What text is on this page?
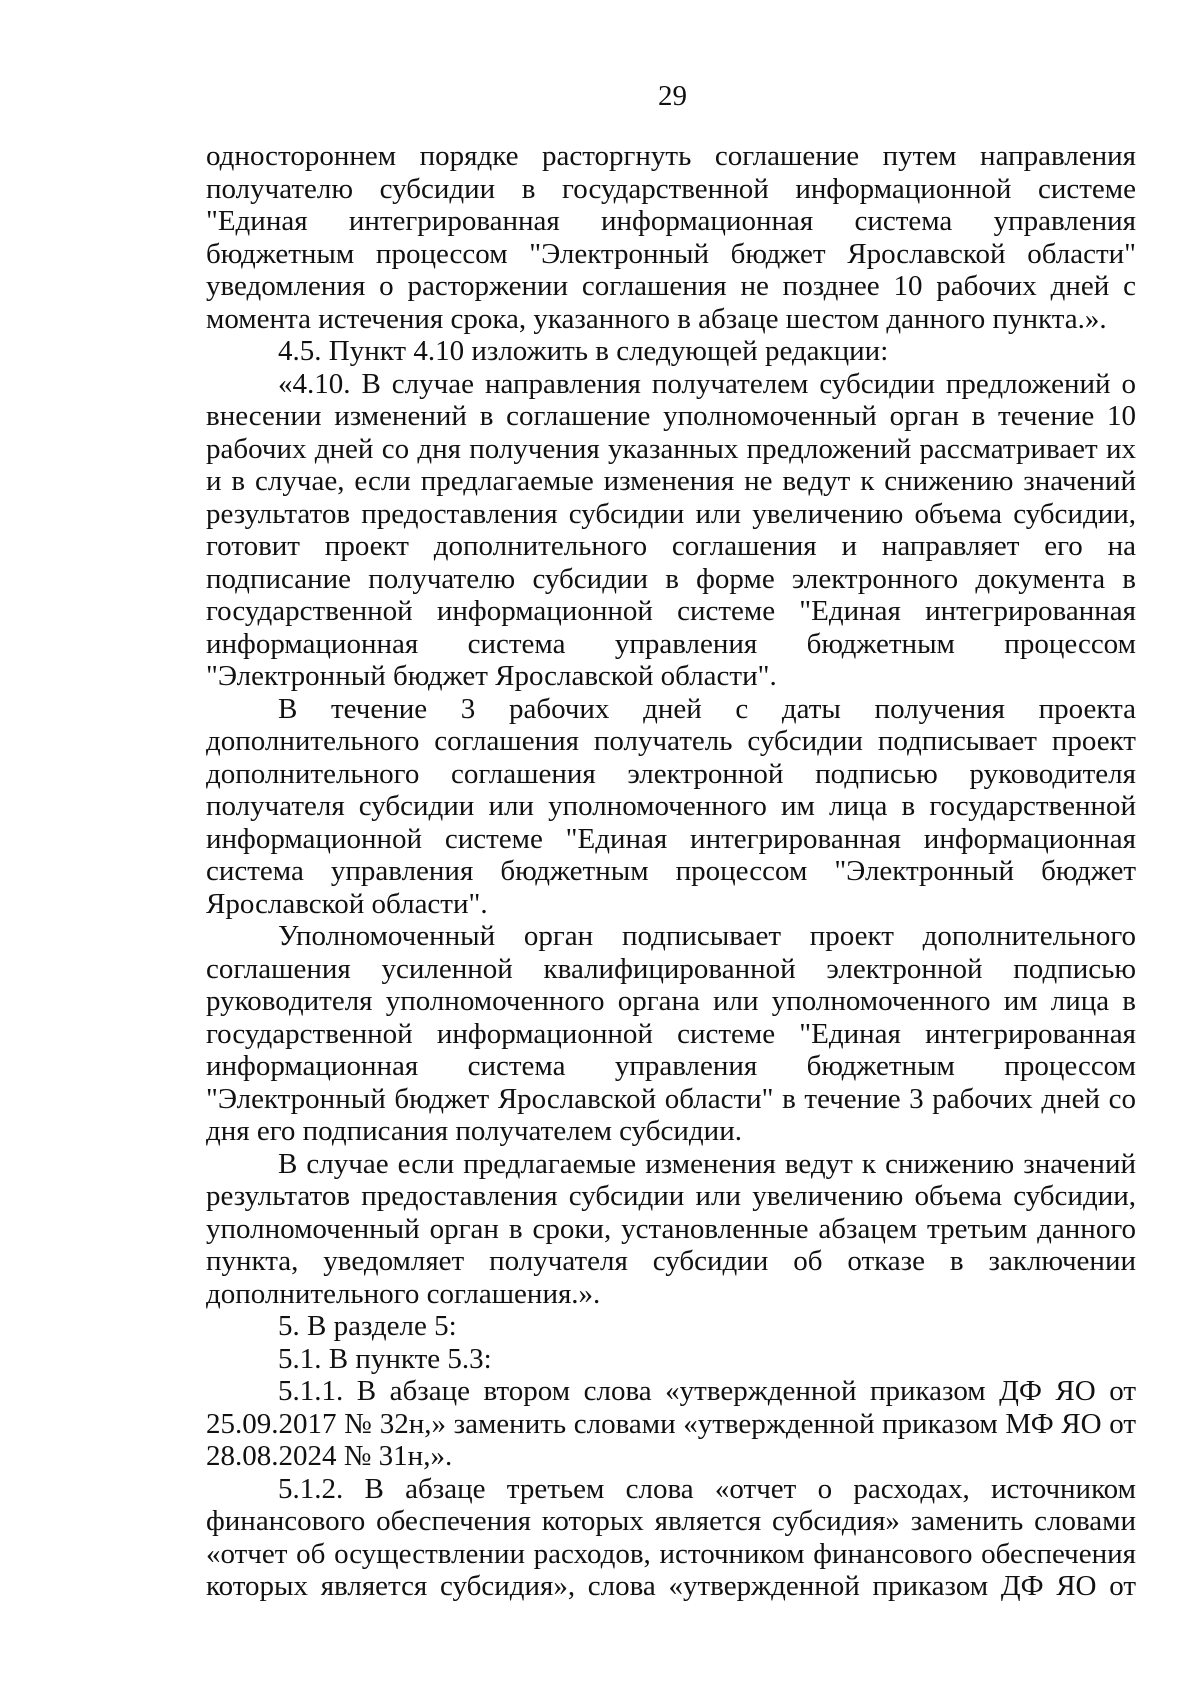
29

одностороннем порядке расторгнуть соглашение путем направления получателю субсидии в государственной информационной системе "Единая интегрированная информационная система управления бюджетным процессом "Электронный бюджет Ярославской области" уведомления о расторжении соглашения не позднее 10 рабочих дней с момента истечения срока, указанного в абзаце шестом данного пункта.».

4.5. Пункт 4.10 изложить в следующей редакции:

«4.10. В случае направления получателем субсидии предложений о внесении изменений в соглашение уполномоченный орган в течение 10 рабочих дней со дня получения указанных предложений рассматривает их и в случае, если предлагаемые изменения не ведут к снижению значений результатов предоставления субсидии или увеличению объема субсидии, готовит проект дополнительного соглашения и направляет его на подписание получателю субсидии в форме электронного документа в государственной информационной системе "Единая интегрированная информационная система управления бюджетным процессом "Электронный бюджет Ярославской области".

В течение 3 рабочих дней с даты получения проекта дополнительного соглашения получатель субсидии подписывает проект дополнительного соглашения электронной подписью руководителя получателя субсидии или уполномоченного им лица в государственной информационной системе "Единая интегрированная информационная система управления бюджетным процессом "Электронный бюджет Ярославской области".

Уполномоченный орган подписывает проект дополнительного соглашения усиленной квалифицированной электронной подписью руководителя уполномоченного органа или уполномоченного им лица в государственной информационной системе "Единая интегрированная информационная система управления бюджетным процессом "Электронный бюджет Ярославской области" в течение 3 рабочих дней со дня его подписания получателем субсидии.

В случае если предлагаемые изменения ведут к снижению значений результатов предоставления субсидии или увеличению объема субсидии, уполномоченный орган в сроки, установленные абзацем третьим данного пункта, уведомляет получателя субсидии об отказе в заключении дополнительного соглашения.».

5. В разделе 5:

5.1. В пункте 5.3:

5.1.1. В абзаце втором слова «утвержденной приказом ДФ ЯО от 25.09.2017 № 32н,» заменить словами «утвержденной приказом МФ ЯО от 28.08.2024 № 31н,».

5.1.2. В абзаце третьем слова «отчет о расходах, источником финансового обеспечения которых является субсидия» заменить словами «отчет об осуществлении расходов, источником финансового обеспечения которых является субсидия», слова «утвержденной приказом ДФ ЯО от
